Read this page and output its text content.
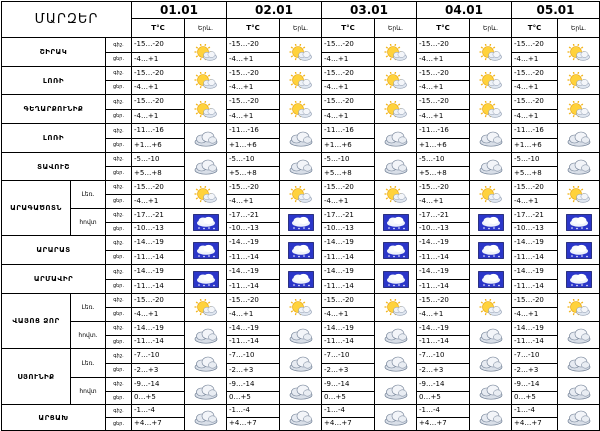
ՄԱՐԶԵՐ			01.01		02.01		03.01		04.01		05.01	
			T°C	Երև.	T°C	Երև.	T°C	Երև.	T°C	Երև.	T°C	Երև.
ՇԻՐԱԿ		գիշ.	-15…-20		-15…-20		-15…-20		-15…-20		-15…-20	

		ցեր.	-4…+1		-4…+1		-4…+1		-4…+1		-4…+1	
ԼՈՌԻ		գիշ.	-15…-20		-15…-20		-15…-20		-15…-20		-15…-20	

		ցեր.	-4…+1		-4…+1		-4…+1		-4…+1		-4…+1	
ԳԵՂԱՐՔՈՒՆԻՔ		գիշ.	-15…-20		-15…-20		-15…-20		-15…-20		-15…-20	

		ցեր.	-4…+1		-4…+1		-4…+1		-4…+1		-4…+1	
ԼՈՌԻ		գիշ.	-11…-16		-11…-16		-11…-16		-11…-16		-11…-16	

		ցեր.	+1…+6		+1…+6		+1…+6		+1…+6		+1…+6	
ՏԱՎՈՒՇ		գիշ.	-5…-10		-5…-10		-5…-10		-5…-10		-5…-10	

		ցեր.	+5…+8		+5…+8		+5…+8		+5…+8		+5…+8	
ԱՐԱԳԱԾՈՏՆ	Լեռ.	գիշ.	-15…-20		-15…-20		-15…-20		-15…-20		-15…-20	

		ցեր.	-4…+1		-4…+1		-4…+1		-4…+1		-4…+1	
	հովտ	գիշ.	-17…-21		-17…-21		-17…-21		-17…-21		-17…-21	

		ցեր.	-10…-13		-10…-13		-10…-13		-10…-13		-10…-13	
ԱՐԱՐԱՏ		գիշ.	-14…-19		-14…-19		-14…-19		-14…-19		-14…-19	

		ցեր.	-11…-14		-11…-14		-11…-14		-11…-14		-11…-14	
ԱՐՄԱՎԻՐ		գիշ.	-14…-19		-14…-19		-14…-19		-14…-19		-14…-19	

		ցեր.	-11…-14		-11…-14		-11…-14		-11…-14		-11…-14	
ՎԱՅՈՑ ՁՈՐ	Լեռ.	գիշ.	-15…-20		-15…-20		-15…-20		-15…-20		-15…-20	

		ցեր.	-4…+1		-4…+1		-4…+1		-4…+1		-4…+1	
	հովտ.	գիշ.	-14…-19		-14…-19		-14…-19		-14…-19		-14…-19	

		ցեր.	-11…-14		-11…-14		-11…-14		-11…-14		-11…-14	
ՍՅՈՒՆԻՔ	Լեռ.	գիշ.	-7…-10		-7…-10		-7…-10		-7…-10		-7…-10	

		ցեր.	-2…+3		-2…+3		-2…+3		-2…+3		-2…+3	
	հովտ	գիշ.	-9…-14		-9…-14		-9…-14		-9…-14		-9…-14	

		ցեր.	0…+5		0…+5		0…+5		0…+5		0…+5	
ԱՐՑԱԽ		գիշ.	-1…-4		-1…-4		-1…-4		-1…-4		-1…-4	

		ցեր.	+4…+7		+4…+7		+4…+7		+4…+7		+4…+7	
